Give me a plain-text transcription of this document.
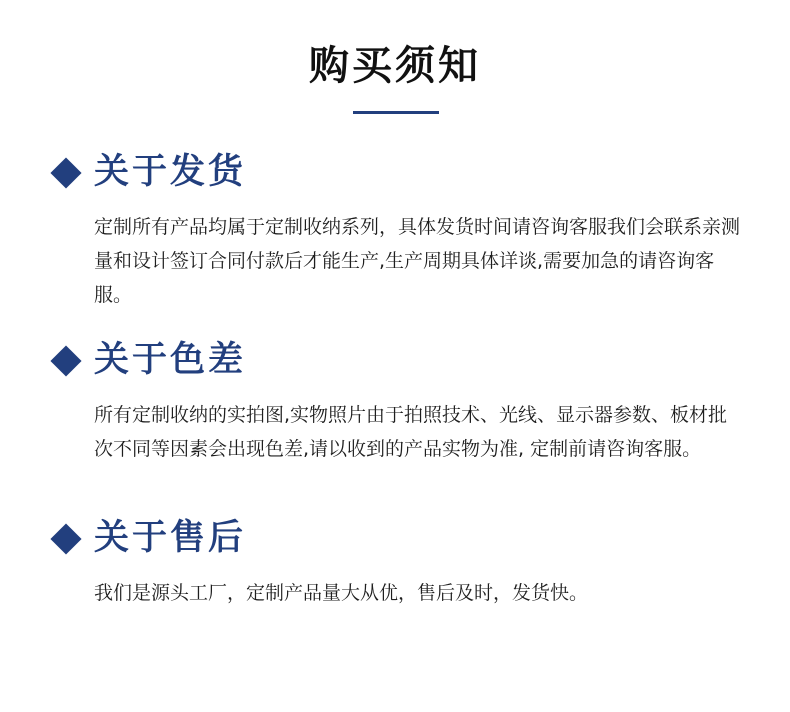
购买须知
关于发货
定制所有产品均属于定制收纳系列，具体发货时间请咨询客服我们会联系亲测量和设计签订合同付款后才能生产,生产周期具体详谈,需要加急的请咨询客服。
关于色差
所有定制收纳的实拍图,实物照片由于拍照技术、光线、显示器参数、板材批次不同等因素会出现色差,请以收到的产品实物为准, 定制前请咨询客服。
关于售后
我们是源头工厂，定制产品量大从优，售后及时，发货快。
